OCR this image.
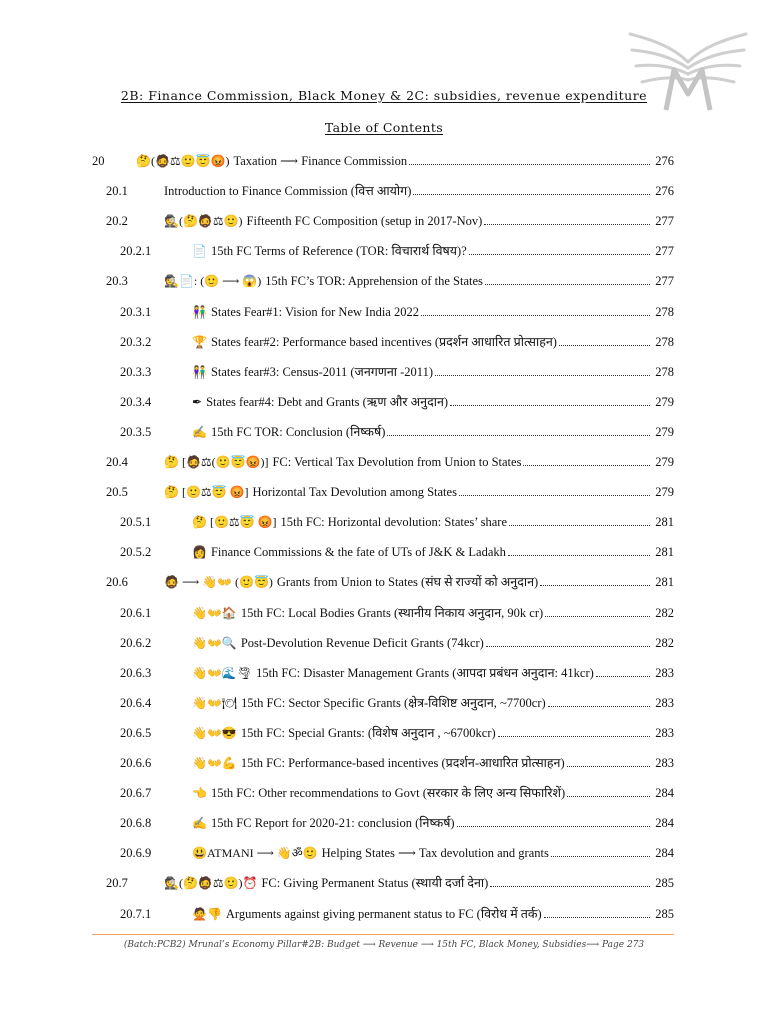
2B: Finance Commission, Black Money & 2C: subsidies, revenue expenditure
Table of Contents
20	🤔(🧔⚖🙂😇😡) Taxation ⟶ Finance Commission	276
20.1	Introduction to Finance Commission (वित्त आयोग)	276
20.2	🕵(🤔🧔⚖🙂) Fifteenth FC Composition (setup in 2017-Nov)	277
20.2.1	📄 15th FC Terms of Reference (TOR: विचारार्थ विषय)?	277
20.3	🕵📄: (🙂 ⟶ 😱) 15th FC’s TOR: Apprehension of the States	277
20.3.1	👫 States Fear#1: Vision for New India 2022	278
20.3.2	🏆 States fear#2: Performance based incentives (प्रदर्शन आधारित प्रोत्साहन)	278
20.3.3	👫 States fear#3: Census-2011 (जनगणना -2011)	278
20.3.4	✒ States fear#4: Debt and Grants (ऋण और अनुदान)	279
20.3.5	✍ 15th FC TOR: Conclusion (निष्कर्ष)	279
20.4	🤔 [🧔⚖(🙂😇😡)] FC: Vertical Tax Devolution from Union to States	279
20.5	🤔 [🙂⚖😇 😡] Horizontal Tax Devolution among States	279
20.5.1	🤔 [🙂⚖😇 😡] 15th FC: Horizontal devolution: States’ share	281
20.5.2	👩 Finance Commissions & the fate of UTs of J&K & Ladakh	281
20.6	🧔 ⟶ 👋👐 (🙂😇) Grants from Union to States (संघ से राज्यों को अनुदान)	281
20.6.1	👋👐🏠 15th FC: Local Bodies Grants (स्थानीय निकाय अनुदान, 90k cr)	282
20.6.2	👋👐🔍 Post-Devolution Revenue Deficit Grants (74kcr)	282
20.6.3	👋👐🌊🌪 15th FC: Disaster Management Grants (आपदा प्रबंधन अनुदान: 41kcr)	283
20.6.4	👋👐🍽 15th FC: Sector Specific Grants (क्षेत्र-विशिष्ट अनुदान, ~7700cr)	283
20.6.5	👋👐😎 15th FC: Special Grants: (विशेष अनुदान , ~6700kcr)	283
20.6.6	👋👐💪 15th FC: Performance-based incentives (प्रदर्शन-आधारित प्रोत्साहन)	283
20.6.7	👈 15th FC: Other recommendations to Govt (सरकार के लिए अन्य सिफारिशें)	284
20.6.8	✍ 15th FC Report for 2020-21: conclusion (निष्कर्ष)	284
20.6.9	😃ATMANI ⟶ 👋ॐ🙂 Helping States ⟶ Tax devolution and grants	284
20.7	🕵(🤔🧔⚖🙂)⏰ FC: Giving Permanent Status (स्थायी दर्जा देना)	285
20.7.1	🙅👎 Arguments against giving permanent status to FC (विरोध में तर्क)	285
(Batch:PCB2) Mrunal’s Economy Pillar#2B: Budget ⟶ Revenue ⟶ 15th FC, Black Money, Subsidies⟶ Page 273
